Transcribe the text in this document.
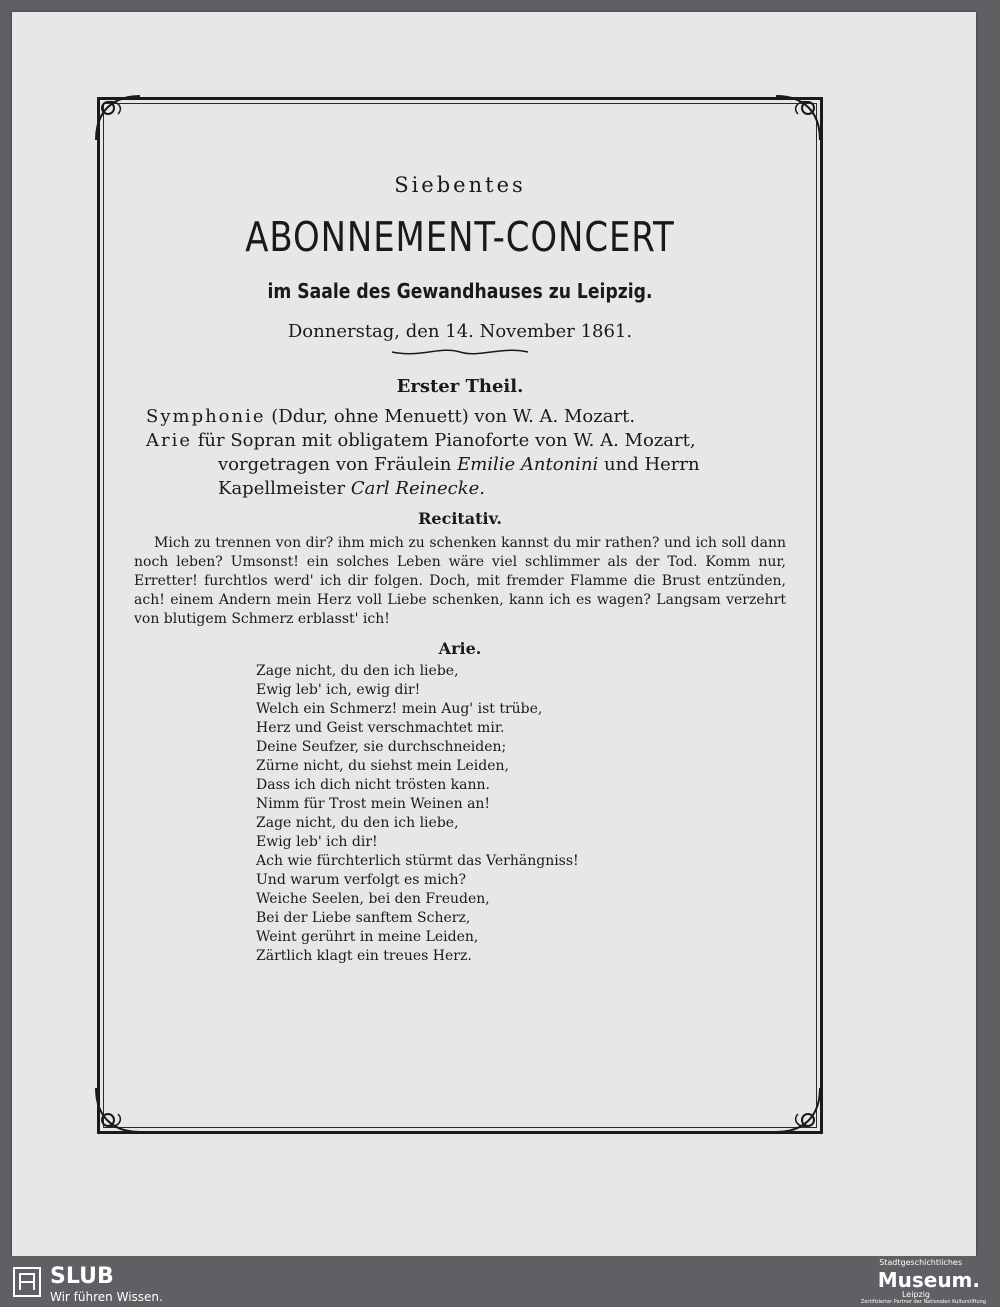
Siebentes
ABONNEMENT-CONCERT
im Saale des Gewandhauses zu Leipzig.
Donnerstag, den 14. November 1861.
Erster Theil.
Symphonie (Ddur, ohne Menuett) von W. A. Mozart.
Arie für Sopran mit obligatem Pianoforte von W. A. Mozart,
vorgetragen von Fräulein Emilie Antonini und Herrn
Kapellmeister Carl Reinecke.
Recitativ.

Mich zu trennen von dir? ihm mich zu schenken kannst du mir rathen? und ich soll dann noch leben? Umsonst! ein solches Leben wäre viel schlimmer als der Tod. Komm nur, Erretter! furchtlos werd' ich dir folgen. Doch, mit fremder Flamme die Brust entzünden, ach! einem Andern mein Herz voll Liebe schenken, kann ich es wagen? Langsam verzehrt von blutigem Schmerz erblasst' ich!

Arie.
Zage nicht, du den ich liebe,
Ewig leb' ich, ewig dir!
Welch ein Schmerz! mein Aug' ist trübe,
Herz und Geist verschmachtet mir.
Deine Seufzer, sie durchschneiden;
Zürne nicht, du siehst mein Leiden,
Dass ich dich nicht trösten kann.
Nimm für Trost mein Weinen an!
Zage nicht, du den ich liebe,
Ewig leb' ich dir!
Ach wie fürchterlich stürmt das Verhängniss!
Und warum verfolgt es mich?
Weiche Seelen, bei den Freuden,
Bei der Liebe sanftem Scherz,
Weint gerührt in meine Leiden,
Zärtlich klagt ein treues Herz.
SLUB
Wir führen Wissen.
Stadtgeschichtliches
Museum.
Leipzig
Zertifizierter Partner der Nationalen Kulturstiftung
